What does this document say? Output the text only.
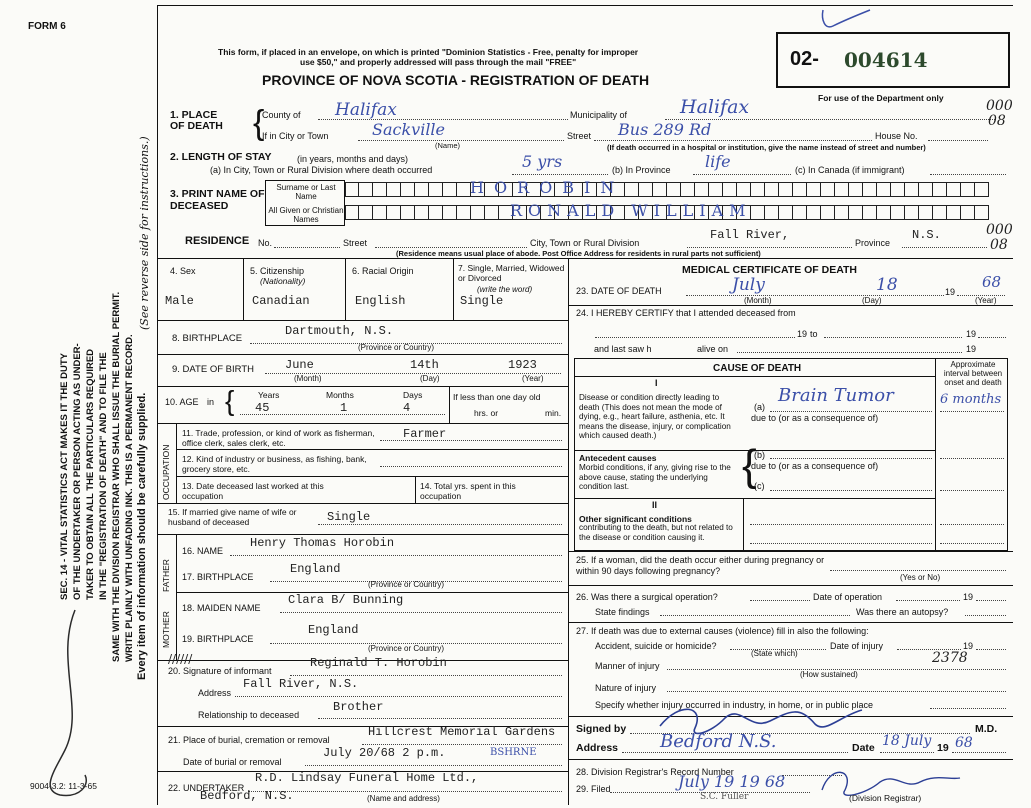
FORM 6
9004-3.2: 11-3-65
SEC. 14 - VITAL STATISTICS ACT MAKES IT THE DUTY OF THE UNDERTAKER OR PERSON ACTING AS UNDER- TAKER TO OBTAIN ALL THE PARTICULARS REQUIRED IN THE "REGISTRATION OF DEATH" AND TO FILE THE SAME WITH THE DIVISION REGISTRAR WHO SHALL ISSUE THE BURIAL PERMIT. WRITE PLAINLY WITH UNFADING INK. THIS IS A PERMANENT RECORD. Every item of information should be carefully supplied.
(See reverse side for instructions.)
This form, if placed in an envelope, on which is printed "Dominion Statistics - Free, penalty for improper
use $50," and properly addressed will pass through the mail "FREE"
PROVINCE OF NOVA SCOTIA - REGISTRATION OF DEATH
02- 004614
For use of the Department only	000
08
1. PLACE OF DEATH {
County of Halifax	Municipality of	Halifax
If in City or Town	Sackville
(Name)
Street Bus 289 Rd	House No.
(If death occurred in a hospital or institution, give the name instead of street and number)
2. LENGTH OF STAY	(in years, months and days)
(a) In City, Town or Rural Division where death occurred	5 yrs	(b) In Province life	(c) In Canada (if immigrant)
3. PRINT NAME OF DECEASED
Surname or Last Name
All Given or Christian Names
HOROBIN
RONALD WILLIAM
RESIDENCE No.	Street	City, Town or Rural Division
Fall River,
Province
N.S.	000
08
(Residence means usual place of abode. Post Office Address for residents in rural parts not sufficient)
4. Sex
Male
5. Citizenship
(Nationality)
Canadian
6. Racial Origin
English
7. Single, Married, Widowed or Divorced
(write the word)
Single
8. BIRTHPLACE
Dartmouth, N.S.
(Province or Country)
9. DATE OF BIRTH	June	14th	1923
(Month)	(Day)	(Year)
10. AGE in {	Years	Months	Days
45	1	4
If less than one day old
hrs. or	min.
OCCUPATION
11. Trade, profession, or kind of work as fisherman, office clerk, sales clerk, etc.
Farmer
12. Kind of industry or business, as fishing, bank, grocery store, etc.
13. Date deceased last worked at this occupation
14. Total yrs. spent in this occupation
15. If married give name of wife or husband of deceased	Single
FATHER
16. NAME
Henry Thomas Horobin
17. BIRTHPLACE
England
(Province or Country)
MOTHER
18. MAIDEN NAME
Clara B/ Bunning
19. BIRTHPLACE
England
(Province or Country)
20. Signature of informant
//////	Reginald T. Horobin
Address
Fall River, N.S.
Relationship to deceased
Brother
21. Place of burial, cremation or removal
Hillcrest Memorial Gardens
Date of burial or removal
July 20/68 2 p.m.	BSHRNE
22. UNDERTAKER
R.D. Lindsay Funeral Home Ltd.,
Bedford, N.S.	(Name and address)
MEDICAL CERTIFICATE OF DEATH
23. DATE OF DEATH	July	18	19
68
(Month)	(Day)	(Year)
24. I HEREBY CERTIFY that I attended deceased from
19 to	19
and last saw h	alive on	19
CAUSE OF DEATH	Approximate interval between onset and death
I
Disease or condition directly leading to death (This does not mean the mode of dying, e.g., heart failure, asthenia, etc. It means the disease, injury, or complication which caused death.)
(a)
Brain Tumor	6 months
due to (or as a consequence of)
{
Antecedent causes
Morbid conditions, if any, giving rise to the above cause, stating the underlying condition last.
(b)
due to (or as a consequence of)
(c)
II
Other significant conditions
contributing to the death, but not related to the disease or condition causing it.
25. If a woman, did the death occur either during pregnancy or within 90 days following pregnancy?
(Yes or No)
26. Was there a surgical operation?	Date of operation	19
State findings	Was there an autopsy?
27. If death was due to external causes (violence) fill in also the following:
Accident, suicide or homicide?
(State which)
Date of injury	19
Manner of injury	2378
(How sustained)
Nature of injury
Specify whether injury occurred in industry, in home, or in public place
Signed by	M.D.
Address Bedford N.S.	Date 18 July 19 68
28. Division Registrar's Record Number
29. Filed	July 19 19 68
S.C. Fuller	(Division Registrar)
